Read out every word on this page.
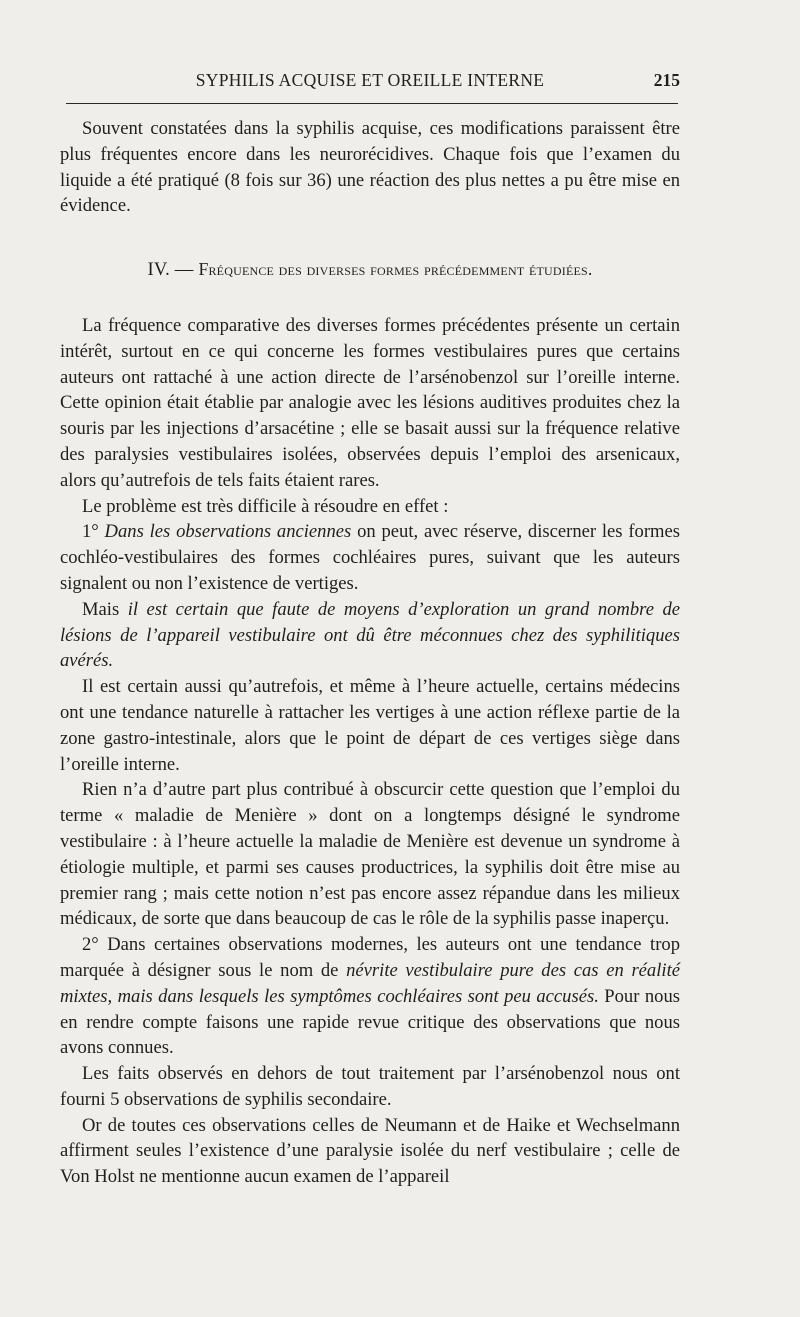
SYPHILIS ACQUISE ET OREILLE INTERNE	215

Souvent constatées dans la syphilis acquise, ces modifications paraissent être plus fréquentes encore dans les neurorécidives. Chaque fois que l’examen du liquide a été pratiqué (8 fois sur 36) une réaction des plus nettes a pu être mise en évidence.

IV. — Fréquence des diverses formes précédemment étudiées.

La fréquence comparative des diverses formes précédentes présente un certain intérêt, surtout en ce qui concerne les formes vestibulaires pures que certains auteurs ont rattaché à une action directe de l’arsénobenzol sur l’oreille interne. Cette opinion était établie par analogie avec les lésions auditives produites chez la souris par les injections d’arsacétine ; elle se basait aussi sur la fréquence relative des paralysies vestibulaires isolées, observées depuis l’emploi des arsenicaux, alors qu’autrefois de tels faits étaient rares.

Le problème est très difficile à résoudre en effet :

1° Dans les observations anciennes on peut, avec réserve, discerner les formes cochléo-vestibulaires des formes cochléaires pures, suivant que les auteurs signalent ou non l’existence de vertiges.

Mais il est certain que faute de moyens d’exploration un grand nombre de lésions de l’appareil vestibulaire ont dû être méconnues chez des syphilitiques avérés.

Il est certain aussi qu’autrefois, et même à l’heure actuelle, certains médecins ont une tendance naturelle à rattacher les vertiges à une action réflexe partie de la zone gastro-intestinale, alors que le point de départ de ces vertiges siège dans l’oreille interne.

Rien n’a d’autre part plus contribué à obscurcir cette question que l’emploi du terme « maladie de Menière » dont on a longtemps désigné le syndrome vestibulaire : à l’heure actuelle la maladie de Menière est devenue un syndrome à étiologie multiple, et parmi ses causes productrices, la syphilis doit être mise au premier rang ; mais cette notion n’est pas encore assez répandue dans les milieux médicaux, de sorte que dans beaucoup de cas le rôle de la syphilis passe inaperçu.

2° Dans certaines observations modernes, les auteurs ont une tendance trop marquée à désigner sous le nom de névrite vestibulaire pure des cas en réalité mixtes, mais dans lesquels les symptômes cochléaires sont peu accusés. Pour nous en rendre compte faisons une rapide revue critique des observations que nous avons connues.

Les faits observés en dehors de tout traitement par l’arsénobenzol nous ont fourni 5 observations de syphilis secondaire.

Or de toutes ces observations celles de Neumann et de Haike et Wechselmann affirment seules l’existence d’une paralysie isolée du nerf vestibulaire ; celle de Von Holst ne mentionne aucun examen de l’appareil
